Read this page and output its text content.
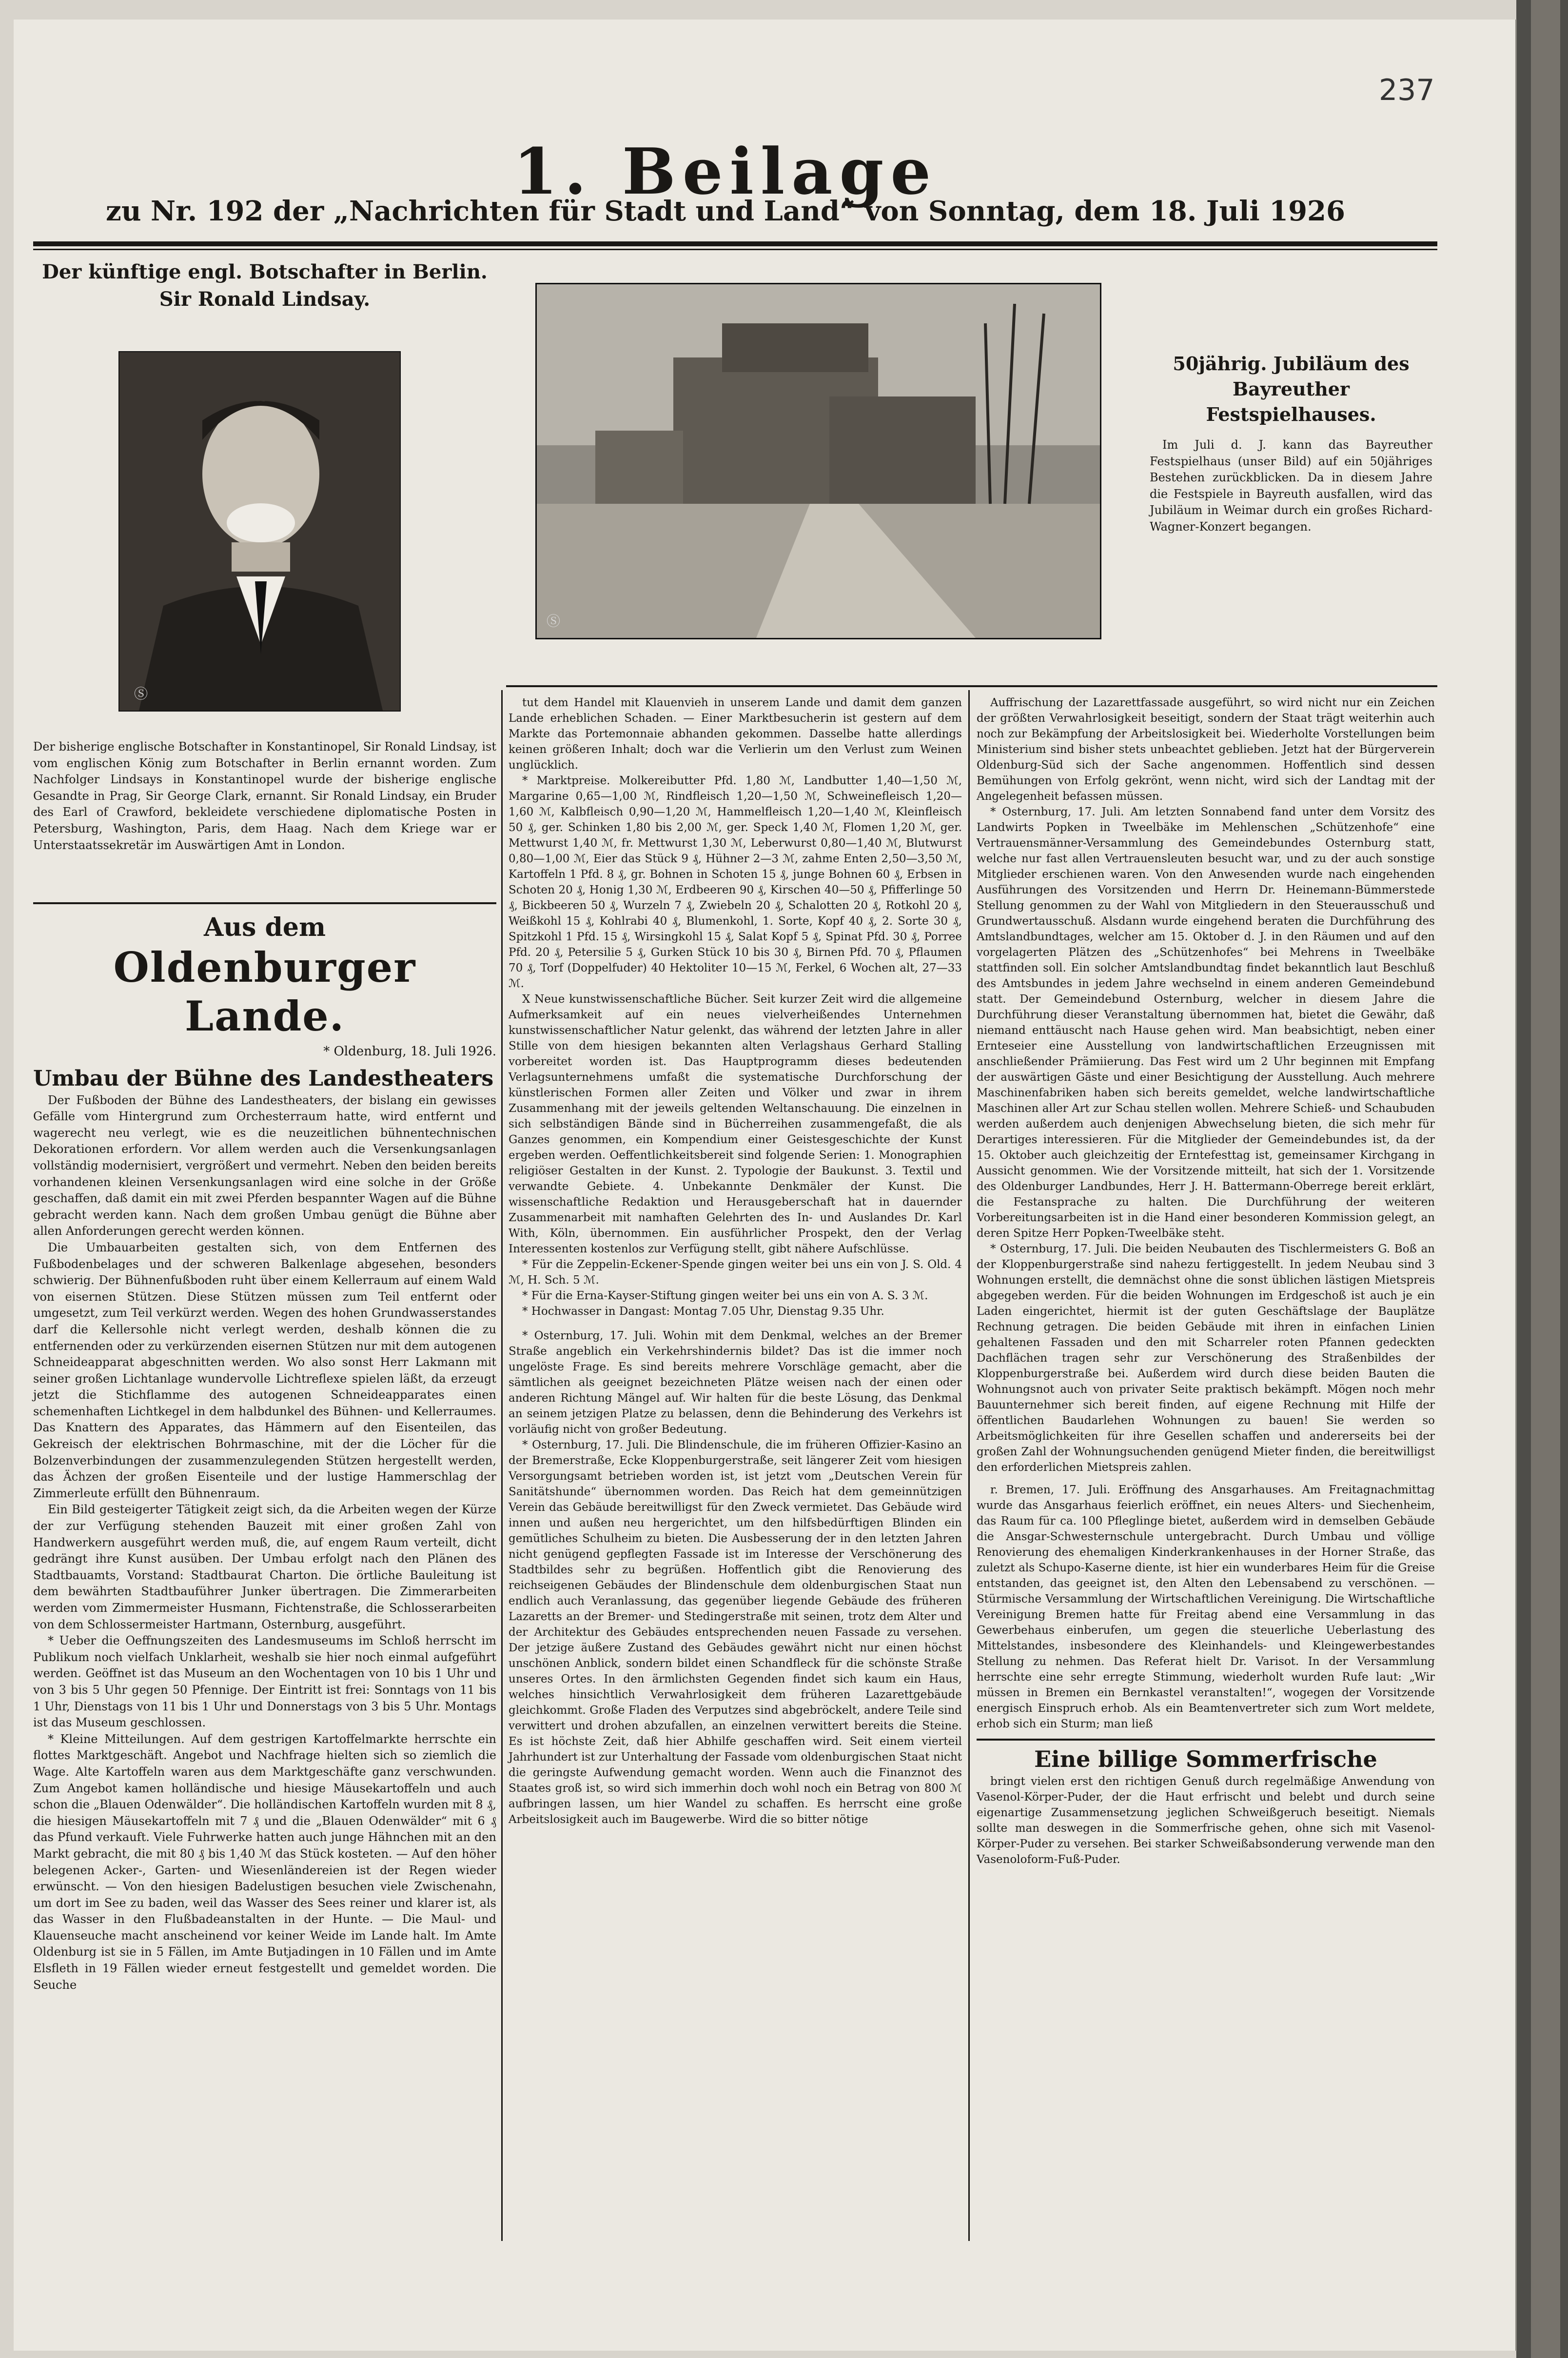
237
1. Beilage
zu Nr. 192 der „Nachrichten für Stadt und Land“ von Sonntag, dem 18. Juli 1926
Der künftige engl. Botschafter in Berlin. Sir Ronald Lindsay.
Ⓢ

Der bisherige englische Botschafter in Konstantinopel, Sir Ronald Lindsay, ist vom englischen König zum Botschafter in Berlin ernannt worden. Zum Nachfolger Lindsays in Konstantinopel wurde der bisherige englische Gesandte in Prag, Sir George Clark, ernannt. Sir Ronald Lindsay, ein Bruder des Earl of Crawford, bekleidete verschiedene diplomatische Posten in Petersburg, Washington, Paris, dem Haag. Nach dem Kriege war er Unterstaatssekretär im Auswärtigen Amt in London.

Aus dem
Oldenburger Lande.
* Oldenburg, 18. Juli 1926.
Umbau der Bühne des Landestheaters

Der Fußboden der Bühne des Landestheaters, der bislang ein gewisses Gefälle vom Hintergrund zum Orchesterraum hatte, wird entfernt und wagerecht neu verlegt, wie es die neuzeitlichen bühnentechnischen Dekorationen erfordern. Vor allem werden auch die Versenkungsanlagen vollständig modernisiert, vergrößert und vermehrt. Neben den beiden bereits vorhandenen kleinen Versenkungsanlagen wird eine solche in der Größe geschaffen, daß damit ein mit zwei Pferden bespannter Wagen auf die Bühne gebracht werden kann. Nach dem großen Umbau genügt die Bühne aber allen Anforderungen gerecht werden können.

Die Umbauarbeiten gestalten sich, von dem Entfernen des Fußbodenbelages und der schweren Balkenlage abgesehen, besonders schwierig. Der Bühnenfußboden ruht über einem Kellerraum auf einem Wald von eisernen Stützen. Diese Stützen müssen zum Teil entfernt oder umgesetzt, zum Teil verkürzt werden. Wegen des hohen Grundwasserstandes darf die Kellersohle nicht verlegt werden, deshalb können die zu entfernenden oder zu verkürzenden eisernen Stützen nur mit dem autogenen Schneideapparat abgeschnitten werden. Wo also sonst Herr Lakmann mit seiner großen Lichtanlage wundervolle Lichtreflexe spielen läßt, da erzeugt jetzt die Stichflamme des autogenen Schneideapparates einen schemenhaften Lichtkegel in dem halbdunkel des Bühnen- und Kellerraumes. Das Knattern des Apparates, das Hämmern auf den Eisenteilen, das Gekreisch der elektrischen Bohrmaschine, mit der die Löcher für die Bolzenverbindungen der zusammenzulegenden Stützen hergestellt werden, das Ächzen der großen Eisenteile und der lustige Hammerschlag der Zimmerleute erfüllt den Bühnenraum.

Ein Bild gesteigerter Tätigkeit zeigt sich, da die Arbeiten wegen der Kürze der zur Verfügung stehenden Bauzeit mit einer großen Zahl von Handwerkern ausgeführt werden muß, die, auf engem Raum verteilt, dicht gedrängt ihre Kunst ausüben. Der Umbau erfolgt nach den Plänen des Stadtbauamts, Vorstand: Stadtbaurat Charton. Die örtliche Bauleitung ist dem bewährten Stadtbauführer Junker übertragen. Die Zimmerarbeiten werden vom Zimmermeister Husmann, Fichtenstraße, die Schlosserarbeiten von dem Schlossermeister Hartmann, Osternburg, ausgeführt.

* Ueber die Oeffnungszeiten des Landesmuseums im Schloß herrscht im Publikum noch vielfach Unklarheit, weshalb sie hier noch einmal aufgeführt werden. Geöffnet ist das Museum an den Wochentagen von 10 bis 1 Uhr und von 3 bis 5 Uhr gegen 50 Pfennige. Der Eintritt ist frei: Sonntags von 11 bis 1 Uhr, Dienstags von 11 bis 1 Uhr und Donnerstags von 3 bis 5 Uhr. Montags ist das Museum geschlossen.

* Kleine Mitteilungen. Auf dem gestrigen Kartoffelmarkte herrschte ein flottes Marktgeschäft. Angebot und Nachfrage hielten sich so ziemlich die Wage. Alte Kartoffeln waren aus dem Marktgeschäfte ganz verschwunden. Zum Angebot kamen holländische und hiesige Mäusekartoffeln und auch schon die „Blauen Odenwälder“. Die holländischen Kartoffeln wurden mit 8 ₰, die hiesigen Mäusekartoffeln mit 7 ₰ und die „Blauen Odenwälder“ mit 6 ₰ das Pfund verkauft. Viele Fuhrwerke hatten auch junge Hähnchen mit an den Markt gebracht, die mit 80 ₰ bis 1,40 ℳ das Stück kosteten. — Auf den höher belegenen Acker-, Garten- und Wiesenländereien ist der Regen wieder erwünscht. — Von den hiesigen Badelustigen besuchen viele Zwischenahn, um dort im See zu baden, weil das Wasser des Sees reiner und klarer ist, als das Wasser in den Flußbadeanstalten in der Hunte. — Die Maul- und Klauenseuche macht anscheinend vor keiner Weide im Lande halt. Im Amte Oldenburg ist sie in 5 Fällen, im Amte Butjadingen in 10 Fällen und im Amte Elsfleth in 19 Fällen wieder erneut festgestellt und gemeldet worden. Die Seuche

Ⓢ
50jährig. Jubiläum des Bayreuther Festspielhauses.

Im Juli d. J. kann das Bayreuther Festspielhaus (unser Bild) auf ein 50jähriges Bestehen zurückblicken. Da in diesem Jahre die Festspiele in Bayreuth ausfallen, wird das Jubiläum in Weimar durch ein großes Richard-Wagner-Konzert begangen.

tut dem Handel mit Klauenvieh in unserem Lande und damit dem ganzen Lande erheblichen Schaden. — Einer Marktbesucherin ist gestern auf dem Markte das Portemonnaie abhanden gekommen. Dasselbe hatte allerdings keinen größeren Inhalt; doch war die Verlierin um den Verlust zum Weinen unglücklich.

* Marktpreise. Molkereibutter Pfd. 1,80 ℳ, Landbutter 1,40—1,50 ℳ, Margarine 0,65—1,00 ℳ, Rindfleisch 1,20—1,50 ℳ, Schweinefleisch 1,20—1,60 ℳ, Kalbfleisch 0,90—1,20 ℳ, Hammelfleisch 1,20—1,40 ℳ, Kleinfleisch 50 ₰, ger. Schinken 1,80 bis 2,00 ℳ, ger. Speck 1,40 ℳ, Flomen 1,20 ℳ, ger. Mettwurst 1,40 ℳ, fr. Mettwurst 1,30 ℳ, Leberwurst 0,80—1,40 ℳ, Blutwurst 0,80—1,00 ℳ, Eier das Stück 9 ₰, Hühner 2—3 ℳ, zahme Enten 2,50—3,50 ℳ, Kartoffeln 1 Pfd. 8 ₰, gr. Bohnen in Schoten 15 ₰, junge Bohnen 60 ₰, Erbsen in Schoten 20 ₰, Honig 1,30 ℳ, Erdbeeren 90 ₰, Kirschen 40—50 ₰, Pfifferlinge 50 ₰, Bickbeeren 50 ₰, Wurzeln 7 ₰, Zwiebeln 20 ₰, Schalotten 20 ₰, Rotkohl 20 ₰, Weißkohl 15 ₰, Kohlrabi 40 ₰, Blumenkohl, 1. Sorte, Kopf 40 ₰, 2. Sorte 30 ₰, Spitzkohl 1 Pfd. 15 ₰, Wirsingkohl 15 ₰, Salat Kopf 5 ₰, Spinat Pfd. 30 ₰, Porree Pfd. 20 ₰, Petersilie 5 ₰, Gurken Stück 10 bis 30 ₰, Birnen Pfd. 70 ₰, Pflaumen 70 ₰, Torf (Doppelfuder) 40 Hektoliter 10—15 ℳ, Ferkel, 6 Wochen alt, 27—33 ℳ.

X Neue kunstwissenschaftliche Bücher. Seit kurzer Zeit wird die allgemeine Aufmerksamkeit auf ein neues vielverheißendes Unternehmen kunstwissenschaftlicher Natur gelenkt, das während der letzten Jahre in aller Stille von dem hiesigen bekannten alten Verlagshaus Gerhard Stalling vorbereitet worden ist. Das Hauptprogramm dieses bedeutenden Verlagsunternehmens umfaßt die systematische Durchforschung der künstlerischen Formen aller Zeiten und Völker und zwar in ihrem Zusammenhang mit der jeweils geltenden Weltanschauung. Die einzelnen in sich selbständigen Bände sind in Bücherreihen zusammengefaßt, die als Ganzes genommen, ein Kompendium einer Geistesgeschichte der Kunst ergeben werden. Oeffentlichkeitsbereit sind folgende Serien: 1. Monographien religiöser Gestalten in der Kunst. 2. Typologie der Baukunst. 3. Textil und verwandte Gebiete. 4. Unbekannte Denkmäler der Kunst. Die wissenschaftliche Redaktion und Herausgeberschaft hat in dauernder Zusammenarbeit mit namhaften Gelehrten des In- und Auslandes Dr. Karl With, Köln, übernommen. Ein ausführlicher Prospekt, den der Verlag Interessenten kostenlos zur Verfügung stellt, gibt nähere Aufschlüsse.

* Für die Zeppelin-Eckener-Spende gingen weiter bei uns ein von J. S. Old. 4 ℳ, H. Sch. 5 ℳ.

* Für die Erna-Kayser-Stiftung gingen weiter bei uns ein von A. S. 3 ℳ.

* Hochwasser in Dangast: Montag 7.05 Uhr, Dienstag 9.35 Uhr.

* Osternburg, 17. Juli. Wohin mit dem Denkmal, welches an der Bremer Straße angeblich ein Verkehrshindernis bildet? Das ist die immer noch ungelöste Frage. Es sind bereits mehrere Vorschläge gemacht, aber die sämtlichen als geeignet bezeichneten Plätze weisen nach der einen oder anderen Richtung Mängel auf. Wir halten für die beste Lösung, das Denkmal an seinem jetzigen Platze zu belassen, denn die Behinderung des Verkehrs ist vorläufig nicht von großer Bedeutung.

* Osternburg, 17. Juli. Die Blindenschule, die im früheren Offizier-Kasino an der Bremerstraße, Ecke Kloppenburgerstraße, seit längerer Zeit vom hiesigen Versorgungsamt betrieben worden ist, ist jetzt vom „Deutschen Verein für Sanitätshunde“ übernommen worden. Das Reich hat dem gemeinnützigen Verein das Gebäude bereitwilligst für den Zweck vermietet. Das Gebäude wird innen und außen neu hergerichtet, um den hilfsbedürftigen Blinden ein gemütliches Schulheim zu bieten. Die Ausbesserung der in den letzten Jahren nicht genügend gepflegten Fassade ist im Interesse der Verschönerung des Stadtbildes sehr zu begrüßen. Hoffentlich gibt die Renovierung des reichseigenen Gebäudes der Blindenschule dem oldenburgischen Staat nun endlich auch Veranlassung, das gegenüber liegende Gebäude des früheren Lazaretts an der Bremer- und Stedingerstraße mit seinen, trotz dem Alter und der Architektur des Gebäudes entsprechenden neuen Fassade zu versehen. Der jetzige äußere Zustand des Gebäudes gewährt nicht nur einen höchst unschönen Anblick, sondern bildet einen Schandfleck für die schönste Straße unseres Ortes. In den ärmlichsten Gegenden findet sich kaum ein Haus, welches hinsichtlich Verwahrlosigkeit dem früheren Lazarettgebäude gleichkommt. Große Fladen des Verputzes sind abgebröckelt, andere Teile sind verwittert und drohen abzufallen, an einzelnen verwittert bereits die Steine. Es ist höchste Zeit, daß hier Abhilfe geschaffen wird. Seit einem vierteil Jahrhundert ist zur Unterhaltung der Fassade vom oldenburgischen Staat nicht die geringste Aufwendung gemacht worden. Wenn auch die Finanznot des Staates groß ist, so wird sich immerhin doch wohl noch ein Betrag von 800 ℳ aufbringen lassen, um hier Wandel zu schaffen. Es herrscht eine große Arbeitslosigkeit auch im Baugewerbe. Wird die so bitter nötige

Auffrischung der Lazarettfassade ausgeführt, so wird nicht nur ein Zeichen der größten Verwahrlosigkeit beseitigt, sondern der Staat trägt weiterhin auch noch zur Bekämpfung der Arbeitslosigkeit bei. Wiederholte Vorstellungen beim Ministerium sind bisher stets unbeachtet geblieben. Jetzt hat der Bürgerverein Oldenburg-Süd sich der Sache angenommen. Hoffentlich sind dessen Bemühungen von Erfolg gekrönt, wenn nicht, wird sich der Landtag mit der Angelegenheit befassen müssen.

* Osternburg, 17. Juli. Am letzten Sonnabend fand unter dem Vorsitz des Landwirts Popken in Tweelbäke im Mehlenschen „Schützenhofe“ eine Vertrauensmänner-Versammlung des Gemeindebundes Osternburg statt, welche nur fast allen Vertrauensleuten besucht war, und zu der auch sonstige Mitglieder erschienen waren. Von den Anwesenden wurde nach eingehenden Ausführungen des Vorsitzenden und Herrn Dr. Heinemann-Bümmerstede Stellung genommen zu der Wahl von Mitgliedern in den Steuerausschuß und Grundwertausschuß. Alsdann wurde eingehend beraten die Durchführung des Amtslandbundtages, welcher am 15. Oktober d. J. in den Räumen und auf den vorgelagerten Plätzen des „Schützenhofes“ bei Mehrens in Tweelbäke stattfinden soll. Ein solcher Amtslandbundtag findet bekanntlich laut Beschluß des Amtsbundes in jedem Jahre wechselnd in einem anderen Gemeindebund statt. Der Gemeindebund Osternburg, welcher in diesem Jahre die Durchführung dieser Veranstaltung übernommen hat, bietet die Gewähr, daß niemand enttäuscht nach Hause gehen wird. Man beabsichtigt, neben einer Ernteseier eine Ausstellung von landwirtschaftlichen Erzeugnissen mit anschließender Prämiierung. Das Fest wird um 2 Uhr beginnen mit Empfang der auswärtigen Gäste und einer Besichtigung der Ausstellung. Auch mehrere Maschinenfabriken haben sich bereits gemeldet, welche landwirtschaftliche Maschinen aller Art zur Schau stellen wollen. Mehrere Schieß- und Schaubuden werden außerdem auch denjenigen Abwechselung bieten, die sich mehr für Derartiges interessieren. Für die Mitglieder der Gemeindebundes ist, da der 15. Oktober auch gleichzeitig der Erntefesttag ist, gemeinsamer Kirchgang in Aussicht genommen. Wie der Vorsitzende mitteilt, hat sich der 1. Vorsitzende des Oldenburger Landbundes, Herr J. H. Battermann-Oberrege bereit erklärt, die Festansprache zu halten. Die Durchführung der weiteren Vorbereitungsarbeiten ist in die Hand einer besonderen Kommission gelegt, an deren Spitze Herr Popken-Tweelbäke steht.

* Osternburg, 17. Juli. Die beiden Neubauten des Tischlermeisters G. Boß an der Kloppenburgerstraße sind nahezu fertiggestellt. In jedem Neubau sind 3 Wohnungen erstellt, die demnächst ohne die sonst üblichen lästigen Mietspreis abgegeben werden. Für die beiden Wohnungen im Erdgeschoß ist auch je ein Laden eingerichtet, hiermit ist der guten Geschäftslage der Bauplätze Rechnung getragen. Die beiden Gebäude mit ihren in einfachen Linien gehaltenen Fassaden und den mit Scharreler roten Pfannen gedeckten Dachflächen tragen sehr zur Verschönerung des Straßenbildes der Kloppenburgerstraße bei. Außerdem wird durch diese beiden Bauten die Wohnungsnot auch von privater Seite praktisch bekämpft. Mögen noch mehr Bauunternehmer sich bereit finden, auf eigene Rechnung mit Hilfe der öffentlichen Baudarlehen Wohnungen zu bauen! Sie werden so Arbeitsmöglichkeiten für ihre Gesellen schaffen und andererseits bei der großen Zahl der Wohnungsuchenden genügend Mieter finden, die bereitwilligst den erforderlichen Mietspreis zahlen.

r. Bremen, 17. Juli. Eröffnung des Ansgarhauses. Am Freitagnachmittag wurde das Ansgarhaus feierlich eröffnet, ein neues Alters- und Siechenheim, das Raum für ca. 100 Pfleglinge bietet, außerdem wird in demselben Gebäude die Ansgar-Schwesternschule untergebracht. Durch Umbau und völlige Renovierung des ehemaligen Kinderkrankenhauses in der Horner Straße, das zuletzt als Schupo-Kaserne diente, ist hier ein wunderbares Heim für die Greise entstanden, das geeignet ist, den Alten den Lebensabend zu verschönen. — Stürmische Versammlung der Wirtschaftlichen Vereinigung. Die Wirtschaftliche Vereinigung Bremen hatte für Freitag abend eine Versammlung in das Gewerbehaus einberufen, um gegen die steuerliche Ueberlastung des Mittelstandes, insbesondere des Kleinhandels- und Kleingewerbestandes Stellung zu nehmen. Das Referat hielt Dr. Varisot. In der Versammlung herrschte eine sehr erregte Stimmung, wiederholt wurden Rufe laut: „Wir müssen in Bremen ein Bernkastel veranstalten!“, wogegen der Vorsitzende energisch Einspruch erhob. Als ein Beamtenvertreter sich zum Wort meldete, erhob sich ein Sturm; man ließ

Eine billige Sommerfrische

bringt vielen erst den richtigen Genuß durch regelmäßige Anwendung von Vasenol-Körper-Puder, der die Haut erfrischt und belebt und durch seine eigenartige Zusammensetzung jeglichen Schweißgeruch beseitigt. Niemals sollte man deswegen in die Sommerfrische gehen, ohne sich mit Vasenol-Körper-Puder zu versehen. Bei starker Schweißabsonderung verwende man den Vasenoloform-Fuß-Puder.
